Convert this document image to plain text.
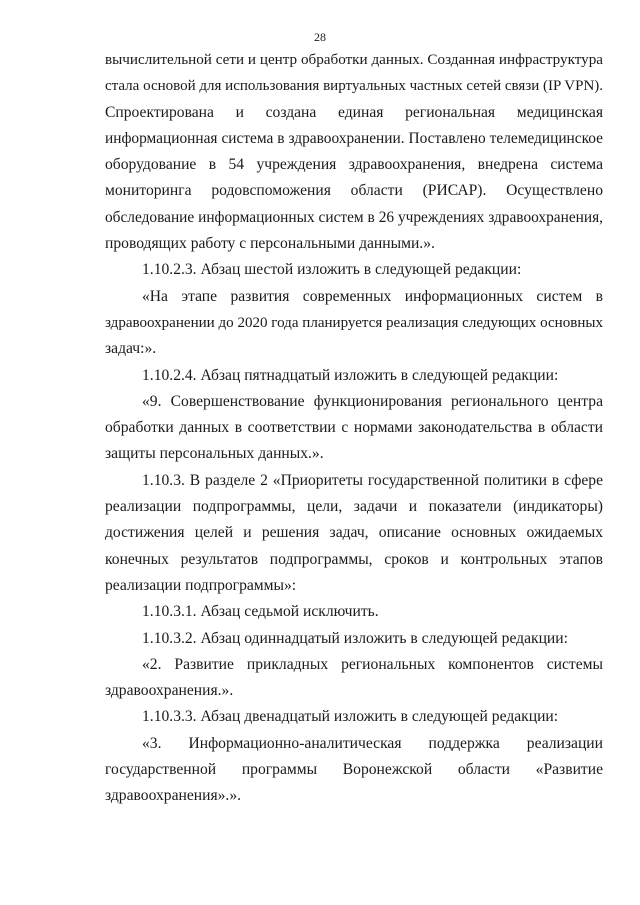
28
вычислительной сети и центр обработки данных. Созданная инфраструктура
стала основой для использования виртуальных частных сетей связи (IP VPN).
Спроектирована и создана единая региональная медицинская
информационная система в здравоохранении. Поставлено телемедицинское
оборудование в 54 учреждения здравоохранения, внедрена система
мониторинга родовспоможения области (РИСАР). Осуществлено
обследование информационных систем в 26 учреждениях здравоохранения,
проводящих работу с персональными данными.».
1.10.2.3. Абзац шестой изложить в следующей редакции:
«На этапе развития современных информационных систем в
здравоохранении до 2020 года планируется реализация следующих основных
задач:».
1.10.2.4. Абзац пятнадцатый изложить в следующей редакции:
«9. Совершенствование функционирования регионального центра
обработки данных в соответствии с нормами законодательства в области
защиты персональных данных.».
1.10.3. В разделе 2 «Приоритеты государственной политики в сфере
реализации подпрограммы, цели, задачи и показатели (индикаторы)
достижения целей и решения задач, описание основных ожидаемых
конечных результатов подпрограммы, сроков и контрольных этапов
реализации подпрограммы»:
1.10.3.1. Абзац седьмой исключить.
1.10.3.2. Абзац одиннадцатый изложить в следующей редакции:
«2. Развитие прикладных региональных компонентов системы
здравоохранения.».
1.10.3.3. Абзац двенадцатый изложить в следующей редакции:
«3. Информационно-аналитическая поддержка реализации
государственной программы Воронежской области «Развитие
здравоохранения».».
